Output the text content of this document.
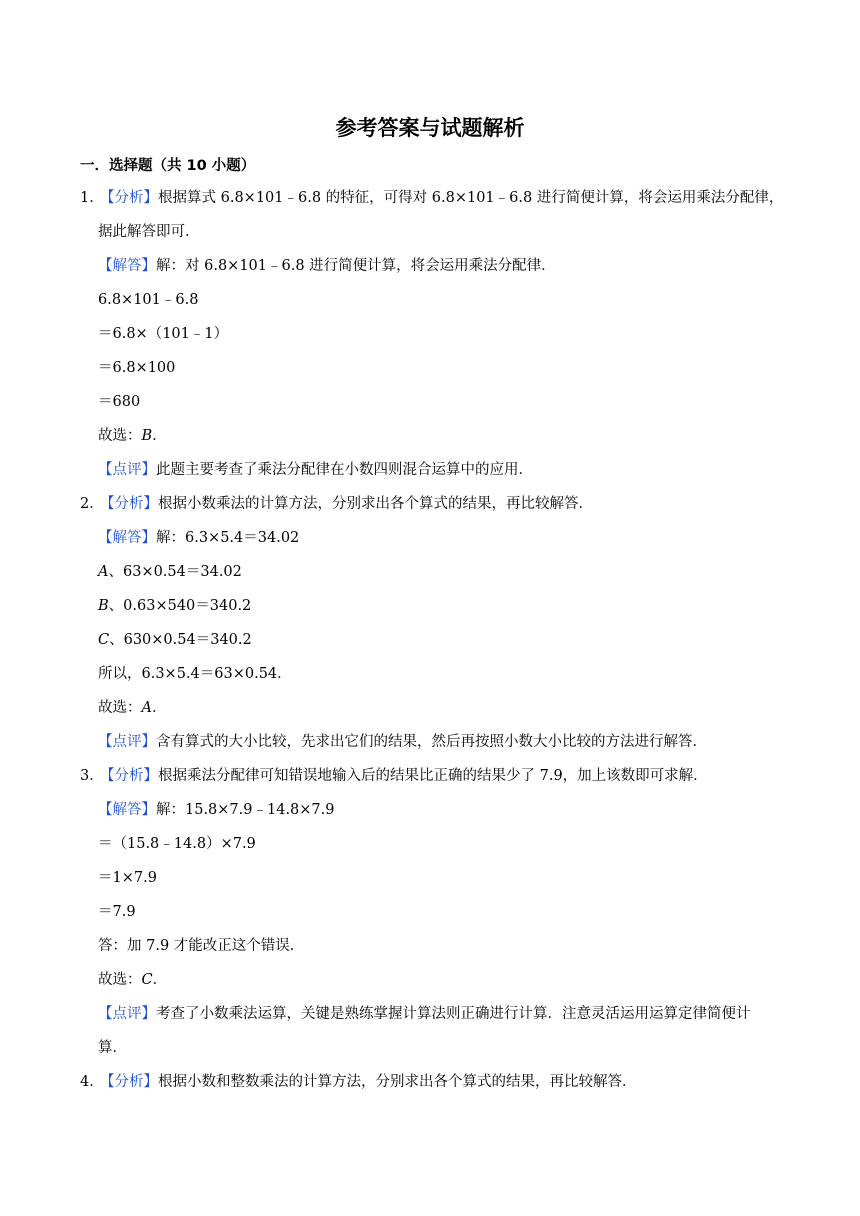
参考答案与试题解析
一．选择题（共 10 小题）
1．【分析】根据算式 6.8×101﹣6.8 的特征，可得对 6.8×101﹣6.8 进行简便计算，将会运用乘法分配律，
据此解答即可．
【解答】解：对 6.8×101﹣6.8 进行简便计算，将会运用乘法分配律．
6.8×101﹣6.8
＝6.8×（101﹣1）
＝6.8×100
＝680
故选：B．
【点评】此题主要考查了乘法分配律在小数四则混合运算中的应用．
2．【分析】根据小数乘法的计算方法，分别求出各个算式的结果，再比较解答．
【解答】解：6.3×5.4＝34.02
A、63×0.54＝34.02
B、0.63×540＝340.2
C、630×0.54＝340.2
所以，6.3×5.4＝63×0.54．
故选：A．
【点评】含有算式的大小比较，先求出它们的结果，然后再按照小数大小比较的方法进行解答．
3．【分析】根据乘法分配律可知错误地输入后的结果比正确的结果少了 7.9，加上该数即可求解．
【解答】解：15.8×7.9﹣14.8×7.9
＝（15.8﹣14.8）×7.9
＝1×7.9
＝7.9
答：加 7.9 才能改正这个错误．
故选：C．
【点评】考查了小数乘法运算，关键是熟练掌握计算法则正确进行计算．注意灵活运用运算定律简便计
算．
4．【分析】根据小数和整数乘法的计算方法，分别求出各个算式的结果，再比较解答．
